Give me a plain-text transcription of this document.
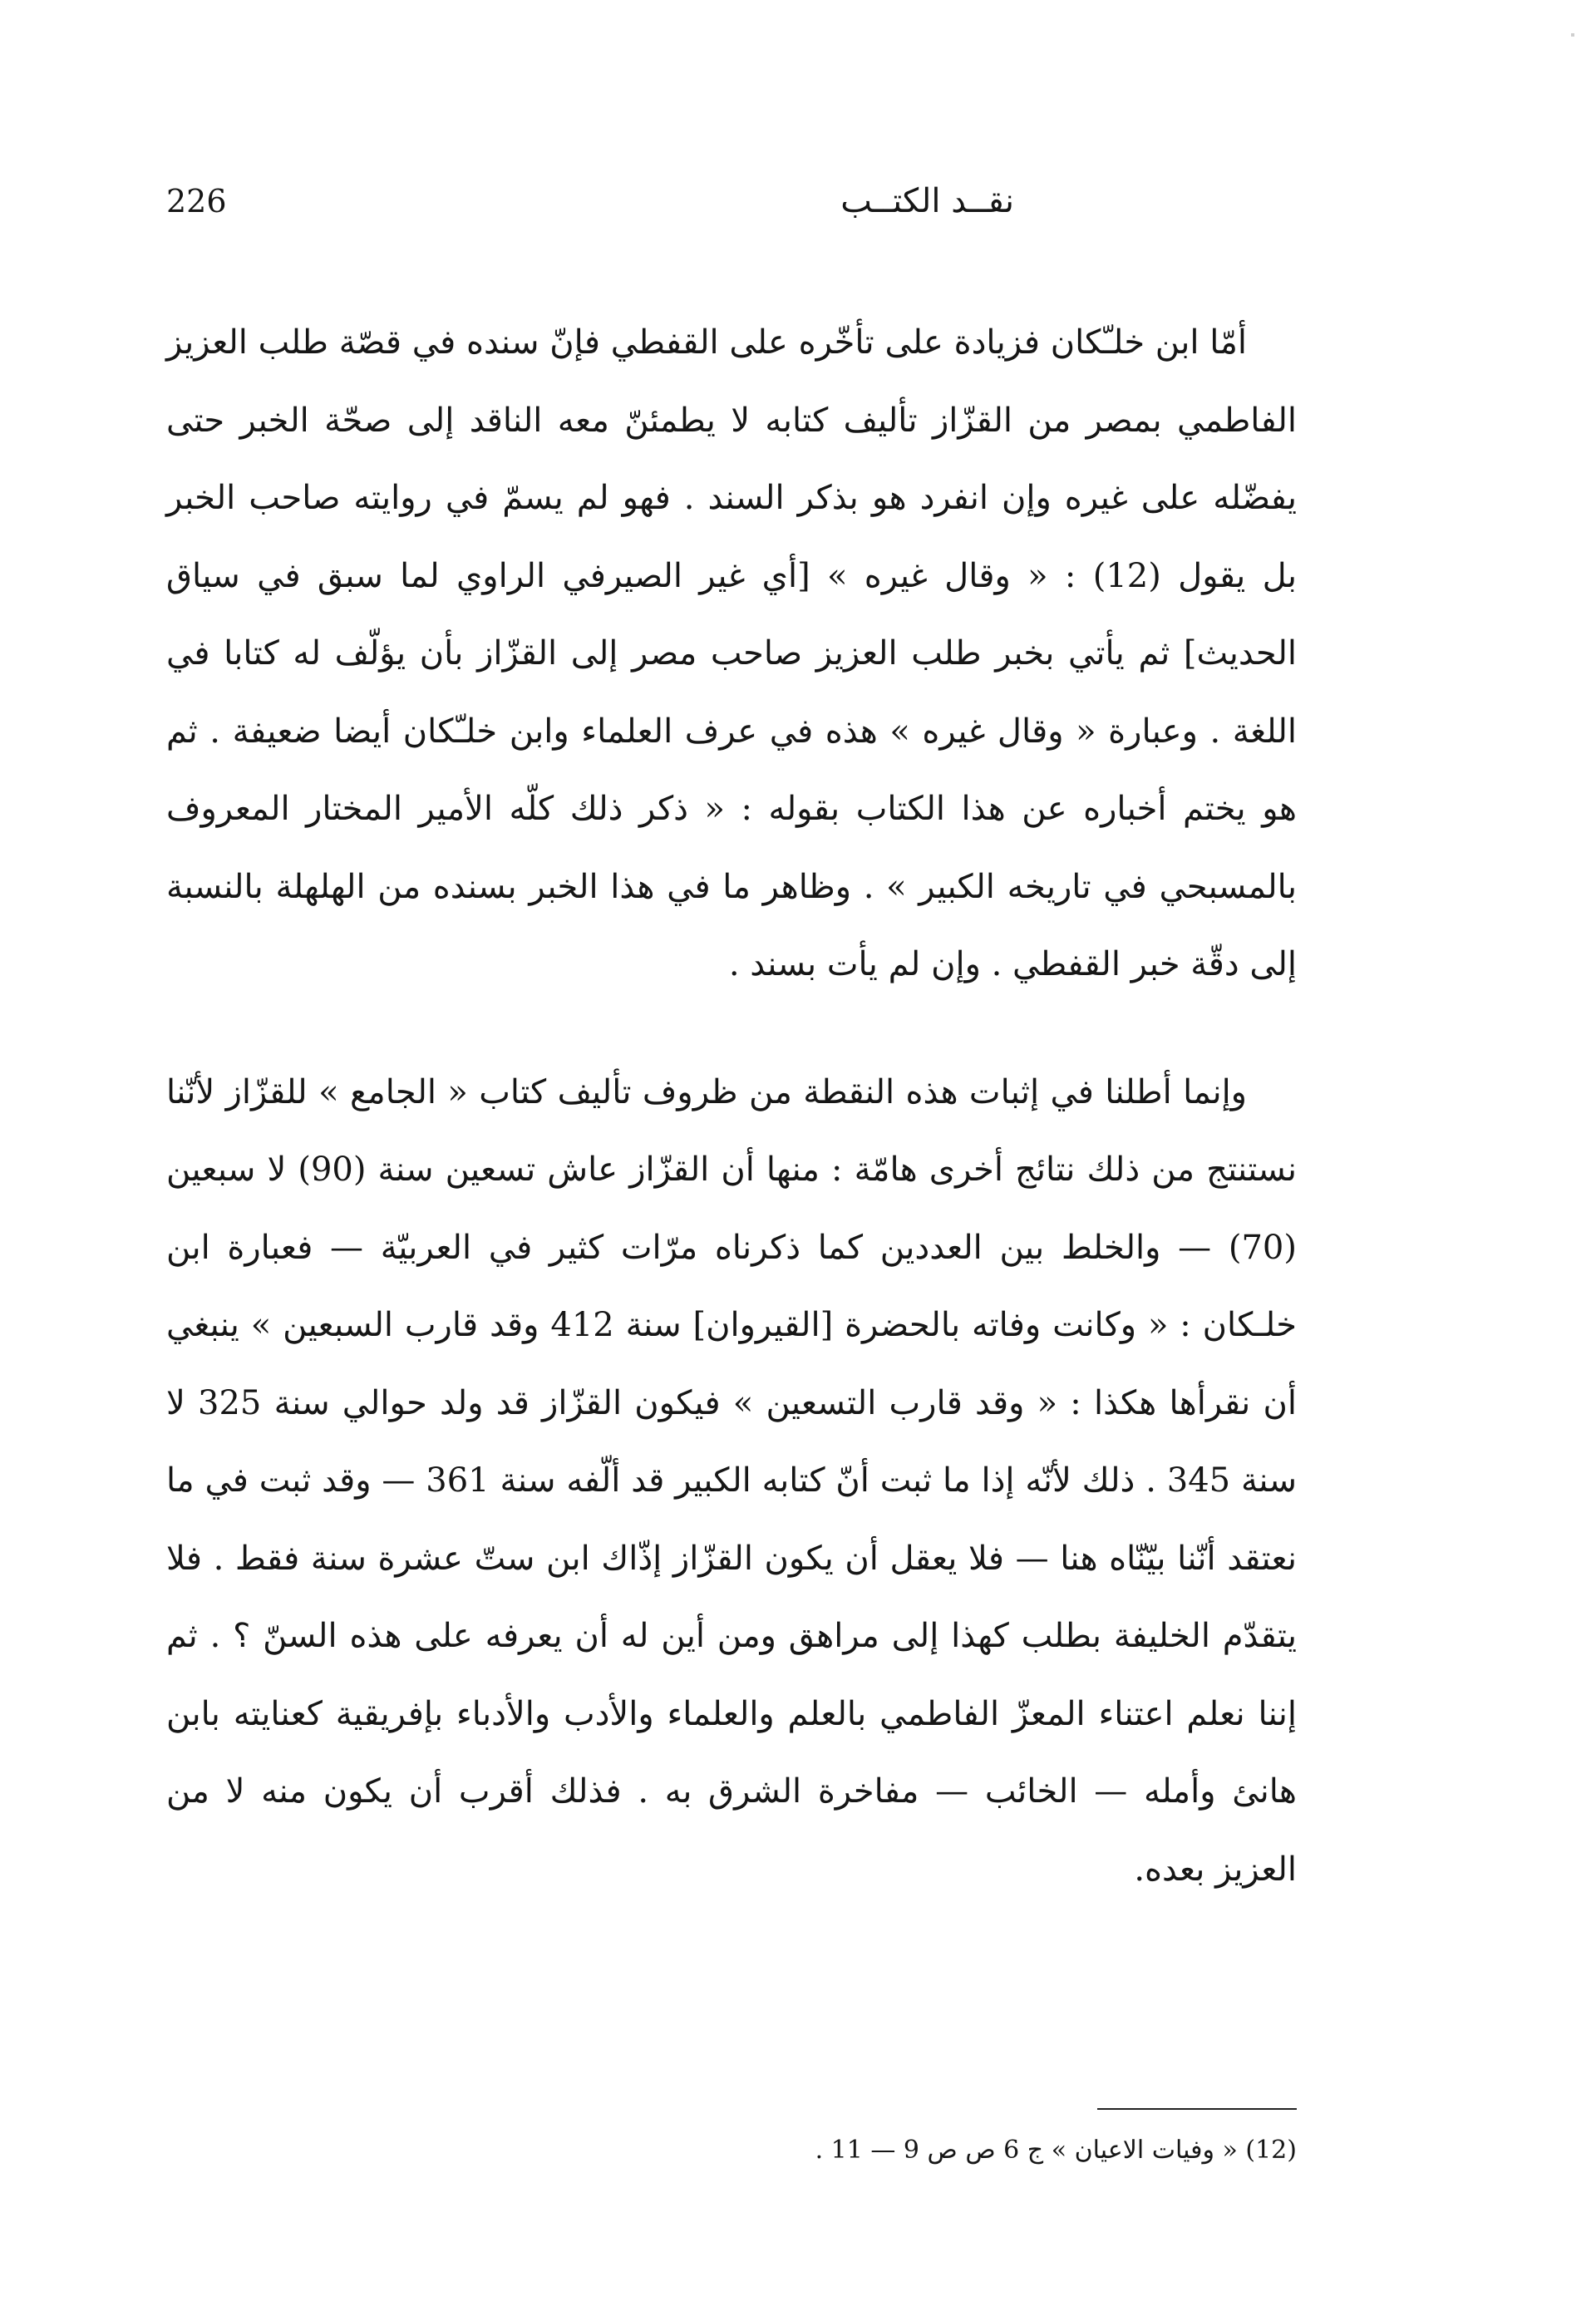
226	نقــد الكتــب

أمّا ابن خلـّكان فزيادة على تأخّره على القفطي فإنّ سنده في قصّة طلب العزيز الفاطمي بمصر من القزّاز تأليف كتابه لا يطمئنّ معه الناقد إلى صحّة الخبر حتى يفضّله على غيره وإن انفرد هو بذكر السند . فهو لم يسمّ في روايته صاحب الخبر بل يقول (12) : « وقال غيره » [أي غير الصيرفي الراوي لما سبق في سياق الحديث] ثم يأتي بخبر طلب العزيز صاحب مصر إلى القزّاز بأن يؤلّف له كتابا في اللغة . وعبارة « وقال غيره » هذه في عرف العلماء وابن خلـّكان أيضا ضعيفة . ثم هو يختم أخباره عن هذا الكتاب بقوله : « ذكر ذلك كلّه الأمير المختار المعروف بالمسبحي في تاريخه الكبير » . وظاهر ما في هذا الخبر بسنده من الهلهلة بالنسبة إلى دقّة خبر القفطي . وإن لم يأت بسند .

وإنما أطلنا في إثبات هذه النقطة من ظروف تأليف كتاب « الجامع » للقزّاز لأنّنا نستنتج من ذلك نتائج أخرى هامّة : منها أن القزّاز عاش تسعين سنة (90) لا سبعين (70) — والخلط بين العددين كما ذكرناه مرّات كثير في العربيّة — فعبارة ابن خلـكان : « وكانت وفاته بالحضرة [القيروان] سنة 412 وقد قارب السبعين » ينبغي أن نقرأها هكذا : « وقد قارب التسعين » فيكون القزّاز قد ولد حوالي سنة 325 لا سنة 345 . ذلك لأنّه إذا ما ثبت أنّ كتابه الكبير قد ألّفه سنة 361 — وقد ثبت في ما نعتقد أنّنا بيّنّاه هنا — فلا يعقل أن يكون القزّاز إذّاك ابن ستّ عشرة سنة فقط . فلا يتقدّم الخليفة بطلب كهذا إلى مراهق ومن أين له أن يعرفه على هذه السنّ ؟ . ثم إننا نعلم اعتناء المعزّ الفاطمي بالعلم والعلماء والأدب والأدباء بإفريقية كعنايته بابن هانئ وأمله — الخائب — مفاخرة الشرق به . فذلك أقرب أن يكون منه لا من العزيز بعده.

(12) « وفيات الاعيان » ج 6 ص ص 9 — 11 .
